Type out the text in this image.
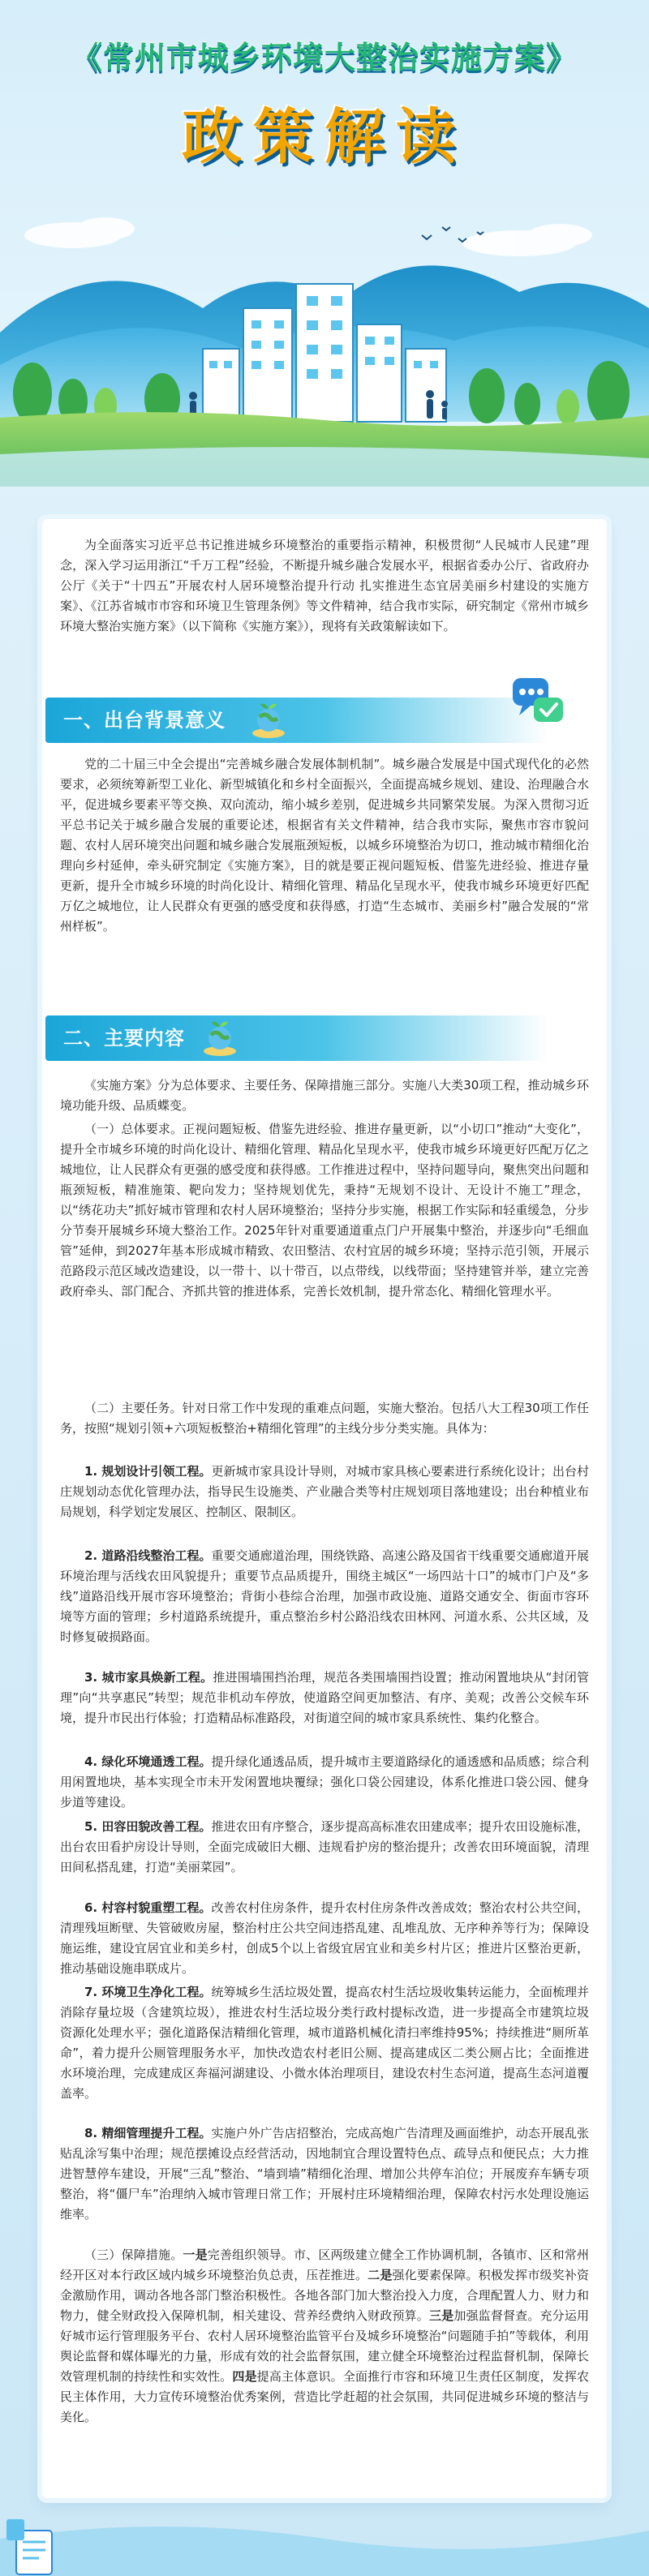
《常州市城乡环境大整治实施方案》
政策解读
为全面落实习近平总书记推进城乡环境整治的重要指示精神，积极贯彻“人民城市人民建”理念，深入学习运用浙江“千万工程”经验，不断提升城乡融合发展水平，根据省委办公厅、省政府办公厅《关于“十四五”开展农村人居环境整治提升行动 扎实推进生态宜居美丽乡村建设的实施方案》、《江苏省城市市容和环境卫生管理条例》等文件精神，结合我市实际，研究制定《常州市城乡环境大整治实施方案》（以下简称《实施方案》），现将有关政策解读如下。
一、出台背景意义
党的二十届三中全会提出“完善城乡融合发展体制机制”。城乡融合发展是中国式现代化的必然要求，必须统筹新型工业化、新型城镇化和乡村全面振兴，全面提高城乡规划、建设、治理融合水平，促进城乡要素平等交换、双向流动，缩小城乡差别，促进城乡共同繁荣发展。为深入贯彻习近平总书记关于城乡融合发展的重要论述，根据省有关文件精神，结合我市实际，聚焦市容市貌问题、农村人居环境突出问题和城乡融合发展瓶颈短板，以城乡环境整治为切口，推动城市精细化治理向乡村延伸，牵头研究制定《实施方案》，目的就是要正视问题短板、借鉴先进经验、推进存量更新，提升全市城乡环境的时尚化设计、精细化管理、精品化呈现水平，使我市城乡环境更好匹配万亿之城地位，让人民群众有更强的感受度和获得感，打造“生态城市、美丽乡村”融合发展的“常州样板”。
二、主要内容
《实施方案》分为总体要求、主要任务、保障措施三部分。实施八大类30项工程，推动城乡环境功能升级、品质蝶变。
（一）总体要求。正视问题短板、借鉴先进经验、推进存量更新，以“小切口”推动“大变化”，提升全市城乡环境的时尚化设计、精细化管理、精品化呈现水平，使我市城乡环境更好匹配万亿之城地位，让人民群众有更强的感受度和获得感。工作推进过程中，坚持问题导向，聚焦突出问题和瓶颈短板，精准施策、靶向发力；坚持规划优先，秉持“无规划不设计、无设计不施工”理念，以“绣花功夫”抓好城市管理和农村人居环境整治；坚持分步实施，根据工作实际和轻重缓急，分步分节奏开展城乡环境大整治工作。2025年针对重要通道重点门户开展集中整治，并逐步向“毛细血管”延伸，到2027年基本形成城市精致、农田整洁、农村宜居的城乡环境；坚持示范引领，开展示范路段示范区域改造建设，以一带十、以十带百，以点带线，以线带面；坚持建管并举，建立完善政府牵头、部门配合、齐抓共管的推进体系，完善长效机制，提升常态化、精细化管理水平。
（二）主要任务。针对日常工作中发现的重难点问题，实施大整治。包括八大工程30项工作任务，按照“规划引领+六项短板整治+精细化管理”的主线分步分类实施。具体为：
1. 规划设计引领工程。更新城市家具设计导则，对城市家具核心要素进行系统化设计；出台村庄规划动态优化管理办法，指导民生设施类、产业融合类等村庄规划项目落地建设；出台种植业布局规划，科学划定发展区、控制区、限制区。
2. 道路沿线整治工程。重要交通廊道治理，围绕铁路、高速公路及国省干线重要交通廊道开展环境治理与活线农田风貌提升；重要节点品质提升，围绕主城区“一场四站十口”的城市门户及“多线”道路沿线开展市容环境整治；背街小巷综合治理，加强市政设施、道路交通安全、街面市容环境等方面的管理；乡村道路系统提升，重点整治乡村公路沿线农田林网、河道水系、公共区域，及时修复破损路面。
3. 城市家具焕新工程。推进围墙围挡治理，规范各类围墙围挡设置；推动闲置地块从“封闭管理”向“共享惠民”转型；规范非机动车停放，使道路空间更加整洁、有序、美观；改善公交候车环境，提升市民出行体验；打造精品标准路段，对街道空间的城市家具系统性、集约化整合。
4. 绿化环境通透工程。提升绿化通透品质，提升城市主要道路绿化的通透感和品质感；综合利用闲置地块，基本实现全市未开发闲置地块覆绿；强化口袋公园建设，体系化推进口袋公园、健身步道等建设。
5. 田容田貌改善工程。推进农田有序整合，逐步提高高标准农田建成率；提升农田设施标准，出台农田看护房设计导则，全面完成破旧大棚、违规看护房的整治提升；改善农田环境面貌，清理田间私搭乱建，打造“美丽菜园”。
6. 村容村貌重塑工程。改善农村住房条件，提升农村住房条件改善成效；整治农村公共空间，清理残垣断壁、失管破败房屋，整治村庄公共空间违搭乱建、乱堆乱放、无序种养等行为；保障设施运维，建设宜居宜业和美乡村，创成5个以上省级宜居宜业和美乡村片区；推进片区整治更新，推动基础设施串联成片。
7. 环境卫生净化工程。统筹城乡生活垃圾处置，提高农村生活垃圾收集转运能力，全面梳理并消除存量垃圾（含建筑垃圾），推进农村生活垃圾分类行政村提标改造，进一步提高全市建筑垃圾资源化处理水平；强化道路保洁精细化管理，城市道路机械化清扫率维持95%；持续推进“厕所革命”，着力提升公厕管理服务水平，加快改造农村老旧公厕、提高建成区二类公厕占比；全面推进水环境治理，完成建成区奔福河湖建设、小微水体治理项目，建设农村生态河道，提高生态河道覆盖率。
8. 精细管理提升工程。实施户外广告店招整治，完成高炮广告清理及画面维护，动态开展乱张贴乱涂写集中治理；规范摆摊设点经营活动，因地制宜合理设置特色点、疏导点和便民点；大力推进智慧停车建设，开展“三乱”整治、“墙到墙”精细化治理、增加公共停车泊位；开展废弃车辆专项整治，将“僵尸车”治理纳入城市管理日常工作；开展村庄环境精细治理，保障农村污水处理设施运维率。
（三）保障措施。一是完善组织领导。市、区两级建立健全工作协调机制，各镇市、区和常州经开区对本行政区域内城乡环境整治负总责，压茬推进。二是强化要素保障。积极发挥市级奖补资金激励作用，调动各地各部门整治积极性。各地各部门加大整治投入力度，合理配置人力、财力和物力，健全财政投入保障机制，相关建设、营养经费纳入财政预算。三是加强监督督查。充分运用好城市运行管理服务平台、农村人居环境整治监管平台及城乡环境整治“问题随手拍”等载体，利用舆论监督和媒体曝光的力量，形成有效的社会监督氛围，建立健全环境整治过程监督机制，保障长效管理机制的持续性和实效性。四是提高主体意识。全面推行市容和环境卫生责任区制度，发挥农民主体作用，大力宣传环境整治优秀案例，营造比学赶超的社会氛围，共同促进城乡环境的整洁与美化。
